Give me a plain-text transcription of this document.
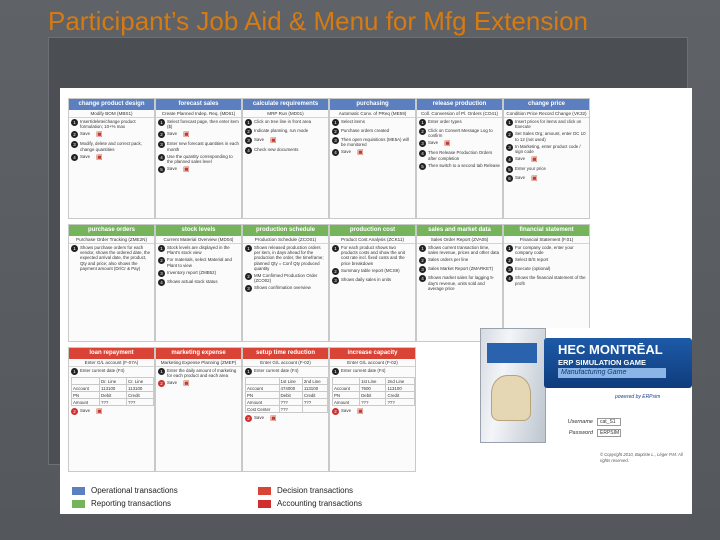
Participant’s Job Aid & Menu for Mfg Extension
change product design
Modify BOM (MBS1)
1 Insert/delete/change product formulation; 10+% max
2 Save ▣
3 Modify, delete and correct pack, change quantities
4 Save ▣
forecast sales
Create Planned Indep. Req. (MD61)
1 Select forecast page, then enter item ($)
2 Save ▣
3 Enter new forecast quantities in each month
4 Use the quantity corresponding to the planned sales level
5 Save ▣
calculate requirements
MRP Run (MD01)
1 Click on tree line in front area
2 Indicate planning, run mode
3 Save ▣
4 Check new documents
purchasing
Automatic Conv. of PReq (ME59)
1 Select items
2 Purchase orders created
3 Then open requisitions (ME5A) will be monitored
4 Save ▣
release production
Coll. Conversion of Pl. Orders (CO41)
1 Enter order types
2 Click on Convert Message Log to confirm
3 Save ▣
4 Then Release Production Orders after completion
5 Then switch to a second tab Release
change price
Condition Price Record Change (VK32)
1 Insert prices for items and click on Execute
2 Set Sales Org; amount, enter DC 10 to 12 (not used)
3 In Marketing, enter product code / sign code
4 Save ▣
5 Enter your price
6 Save ▣
purchase orders
Purchase Order Tracking (ZME2N)
1 Shows purchase orders for each vendor, shows the ordered date, the expected arrival date, the product, Qty and price; also shows the payment amount (Dr/Cr & Pay)
stock levels
Current Material Overview (MD04)
1 Stock levels are displayed in the Plant's stock view
2 For materials, select Material and Plant to view
3 Inventory report (ZMB52)
4 Shows actual stock status
production schedule
Production Schedule (ZCO01)
1 Shows released production orders per item, in days ahead for the production the order, the timeframe; planned Qty = Conf Qty produced quantity
2 MM Confirmed Production Order (ZCO02)
3 Shows confirmation overview
production cost
Product Cost Analysis (ZCK11)
1 For each product shows two products costs and show the unit cost rate incl. fixed costs and the price breakdown
2 Summary table report (MCS9)
3 Shows daily sales in units
sales and market data
Sales Order Report (ZVA05)
1 Shows current transaction time, sales revenue, prices and other data
2 Sales orders per line
3 Sales Market Report (ZMARKET)
4 Shows market sales for lagging 5-day's revenue, units sold and average price
financial statement
Financial Statement (F.01)
1 For company code, enter your company code
2 Select B/S report
3 Execute (optional)
4 Shows the financial statement of the profit
loan repayment
Enter G/L account (F-07A)
1 Enter current date (F4)
	Dr. Line	Cr. Line
Account	113100	113100
PN	Debit	Credit
Amount	???	???
2 Save ▣
marketing expense
Marketing Expense Planning (ZMEP)
1 Enter the daily amount of marketing for each product and each area
2 Save ▣
setup time reduction
Enter G/L account (F-02)
1 Enter current date (F4)
	1st Line	2nd Line
Account	474000	113100
PN	Debit	Credit
Amount	???	???
Cost Center	???	
2 Save ▣
increase capacity
Enter G/L account (F-02)
1 Enter current date (F4)
	1st Line	2nd Line
Account	7600	113100
PN	Debit	Credit
Amount	???	???
2 Save ▣
HEC MONTRĒAL
ERP SIMULATION GAME
Manufacturing Game
powered by ERPsim
Username	cat_S1
Password	ERPSIM
© Copyright 2010, Baptiste L., Léger P.M. All rights reserved.
Operational transactions
Reporting transactions
Decision transactions
Accounting transactions
